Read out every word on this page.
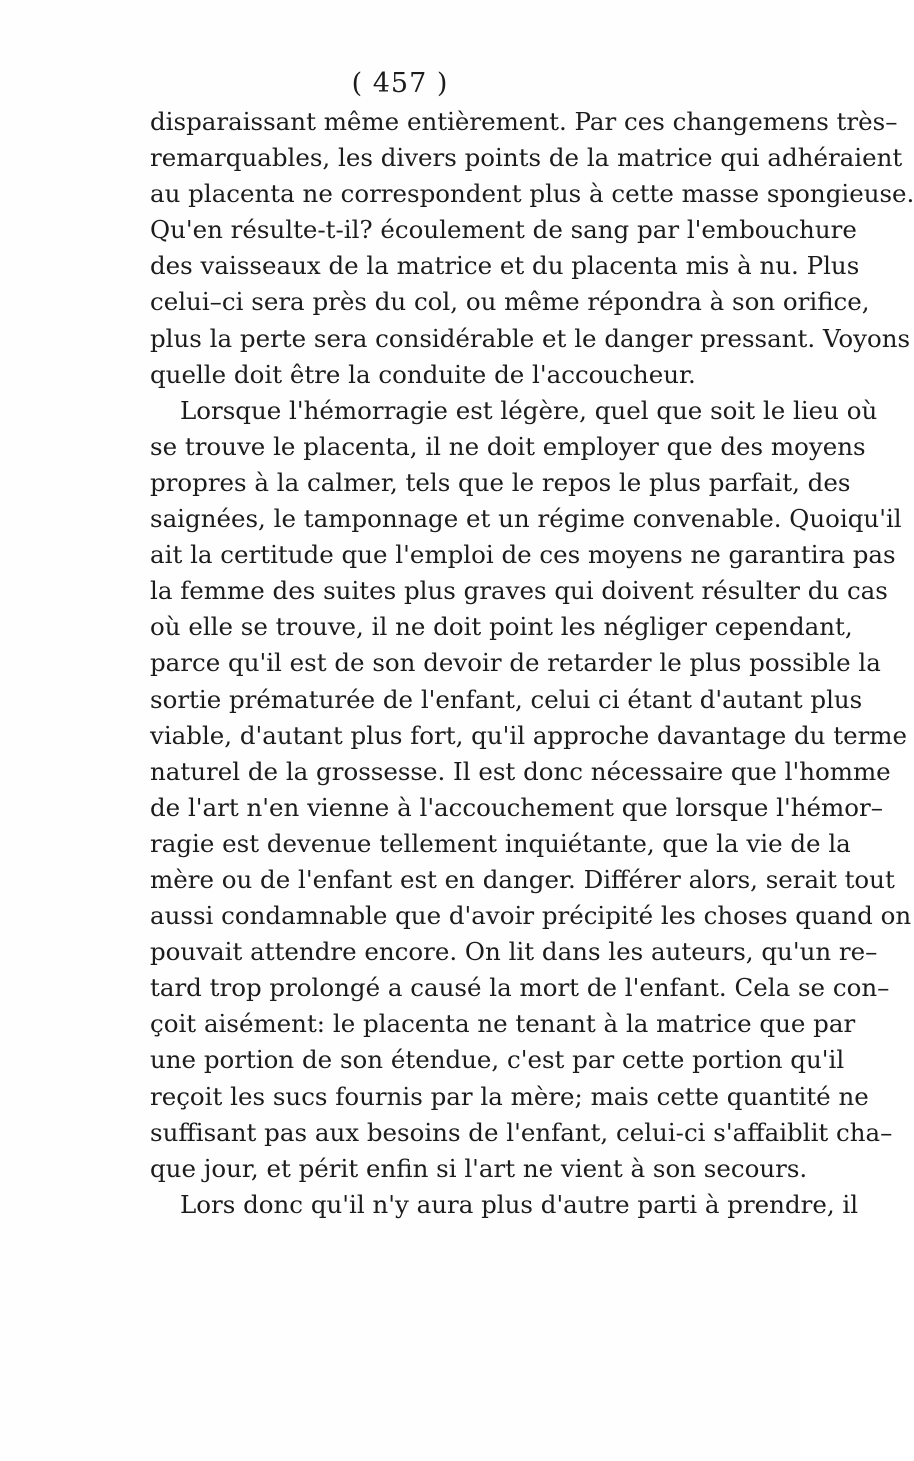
( 457 )
disparaissant même entièrement. Par ces changemens très–
remarquables, les divers points de la matrice qui adhéraient
au placenta ne correspondent plus à cette masse spongieuse.
Qu'en résulte-t-il? écoulement de sang par l'embouchure
des vaisseaux de la matrice et du placenta mis à nu. Plus
celui–ci sera près du col, ou même répondra à son orifice,
plus la perte sera considérable et le danger pressant. Voyons
quelle doit être la conduite de l'accoucheur.
Lorsque l'hémorragie est légère, quel que soit le lieu où
se trouve le placenta, il ne doit employer que des moyens
propres à la calmer, tels que le repos le plus parfait, des
saignées, le tamponnage et un régime convenable. Quoiqu'il
ait la certitude que l'emploi de ces moyens ne garantira pas
la femme des suites plus graves qui doivent résulter du cas
où elle se trouve, il ne doit point les négliger cependant,
parce qu'il est de son devoir de retarder le plus possible la
sortie prématurée de l'enfant, celui ci étant d'autant plus
viable, d'autant plus fort, qu'il approche davantage du terme
naturel de la grossesse. Il est donc nécessaire que l'homme
de l'art n'en vienne à l'accouchement que lorsque l'hémor–
ragie est devenue tellement inquiétante, que la vie de la
mère ou de l'enfant est en danger. Différer alors, serait tout
aussi condamnable que d'avoir précipité les choses quand on
pouvait attendre encore. On lit dans les auteurs, qu'un re–
tard trop prolongé a causé la mort de l'enfant. Cela se con–
çoit aisément: le placenta ne tenant à la matrice que par
une portion de son étendue, c'est par cette portion qu'il
reçoit les sucs fournis par la mère; mais cette quantité ne
suffisant pas aux besoins de l'enfant, celui-ci s'affaiblit cha–
que jour, et périt enfin si l'art ne vient à son secours.
Lors donc qu'il n'y aura plus d'autre parti à prendre, il
